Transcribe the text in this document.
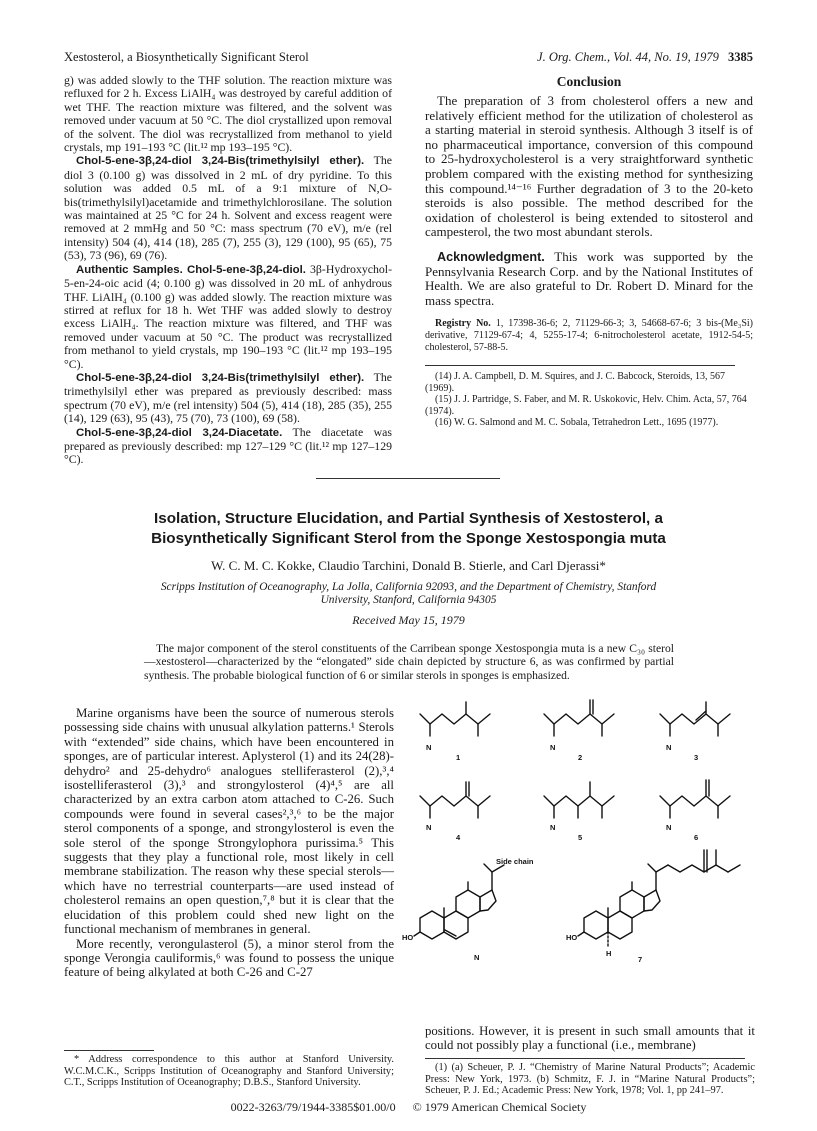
Xestosterol, a Biosynthetically Significant Sterol	J. Org. Chem., Vol. 44, No. 19, 1979 3385

g) was added slowly to the THF solution. The reaction mixture was refluxed for 2 h. Excess LiAlH₄ was destroyed by careful addition of wet THF. The reaction mixture was filtered, and the solvent was removed under vacuum at 50 °C. The diol crystallized upon removal of the solvent. The diol was recrystallized from methanol to yield crystals, mp 191–193 °C (lit.¹² mp 193–195 °C).

Chol-5-ene-3β,24-diol 3,24-Bis(trimethylsilyl ether). The diol 3 (0.100 g) was dissolved in 2 mL of dry pyridine. To this solution was added 0.5 mL of a 9:1 mixture of N,O-bis(trimethylsilyl)acetamide and trimethylchlorosilane. The solution was maintained at 25 °C for 24 h. Solvent and excess reagent were removed at 2 mmHg and 50 °C: mass spectrum (70 eV), m/e (rel intensity) 504 (4), 414 (18), 285 (7), 255 (3), 129 (100), 95 (65), 75 (53), 73 (96), 69 (76).

Authentic Samples. Chol-5-ene-3β,24-diol. 3β-Hydroxychol-5-en-24-oic acid (4; 0.100 g) was dissolved in 20 mL of anhydrous THF. LiAlH₄ (0.100 g) was added slowly. The reaction mixture was stirred at reflux for 18 h. Wet THF was added slowly to destroy excess LiAlH₄. The reaction mixture was filtered, and THF was removed under vacuum at 50 °C. The product was recrystallized from methanol to yield crystals, mp 190–193 °C (lit.¹² mp 193–195 °C).

Chol-5-ene-3β,24-diol 3,24-Bis(trimethylsilyl ether). The trimethylsilyl ether was prepared as previously described: mass spectrum (70 eV), m/e (rel intensity) 504 (5), 414 (18), 285 (35), 255 (14), 129 (63), 95 (43), 75 (70), 73 (100), 69 (58).

Chol-5-ene-3β,24-diol 3,24-Diacetate. The diacetate was prepared as previously described: mp 127–129 °C (lit.¹² mp 127–129 °C).

Conclusion

The preparation of 3 from cholesterol offers a new and relatively efficient method for the utilization of cholesterol as a starting material in steroid synthesis. Although 3 itself is of no pharmaceutical importance, conversion of this compound to 25-hydroxycholesterol is a very straightforward synthetic problem compared with the existing method for synthesizing this compound.¹⁴⁻¹⁶ Further degradation of 3 to the 20-keto steroids is also possible. The method described for the oxidation of cholesterol is being extended to sitosterol and campesterol, the two most abundant sterols.

Acknowledgment. This work was supported by the Pennsylvania Research Corp. and by the National Institutes of Health. We are also grateful to Dr. Robert D. Minard for the mass spectra.

Registry No. 1, 17398-36-6; 2, 71129-66-3; 3, 54668-67-6; 3 bis-(Me₃Si) derivative, 71129-67-4; 4, 5255-17-4; 6-nitrocholesterol acetate, 1912-54-5; cholesterol, 57-88-5.

(14) J. A. Campbell, D. M. Squires, and J. C. Babcock, Steroids, 13, 567 (1969).

(15) J. J. Partridge, S. Faber, and M. R. Uskokovic, Helv. Chim. Acta, 57, 764 (1974).

(16) W. G. Salmond and M. C. Sobala, Tetrahedron Lett., 1695 (1977).

Isolation, Structure Elucidation, and Partial Synthesis of Xestosterol, a
Biosynthetically Significant Sterol from the Sponge Xestospongia muta
W. C. M. C. Kokke, Claudio Tarchini, Donald B. Stierle, and Carl Djerassi*
Scripps Institution of Oceanography, La Jolla, California 92093, and the Department of Chemistry, Stanford
University, Stanford, California 94305
Received May 15, 1979
The major component of the sterol constituents of the Carribean sponge Xestospongia muta is a new C₃₀ sterol—xestosterol—characterized by the “elongated” side chain depicted by structure 6, as was confirmed by partial synthesis. The probable biological function of 6 or similar sterols in sponges is emphasized.

Marine organisms have been the source of numerous sterols possessing side chains with unusual alkylation patterns.¹ Sterols with “extended” side chains, which have been encountered in sponges, are of particular interest. Aplysterol (1) and its 24(28)-dehydro² and 25-dehydro⁶ analogues stelliferasterol (2),³,⁴ isostelliferasterol (3),³ and strongylosterol (4)⁴,⁵ are all characterized by an extra carbon atom attached to C-26. Such compounds were found in several cases²,³,⁶ to be the major sterol components of a sponge, and strongylosterol is even the sole sterol of the sponge Strongylophora purissima.⁵ This suggests that they play a functional role, most likely in cell membrane stabilization. The reason why these special sterols—which have no terrestrial counterparts—are used instead of cholesterol remains an open question,⁷,⁸ but it is clear that the elucidation of this problem could shed new light on the functional mechanism of membranes in general.

More recently, verongulasterol (5), a minor sterol from the sponge Verongia cauliformis,⁶ was found to possess the unique feature of being alkylated at both C-26 and C-27

* Address correspondence to this author at Stanford University. W.C.M.C.K., Scripps Institution of Oceanography and Stanford University; C.T., Scripps Institution of Oceanography; D.B.S., Stanford University.
N
1
N
2
N
3
N
4
N
5
N
6
Side chain
HO	HO
N	H
7
positions. However, it is present in such small amounts that it could not possibly play a functional (i.e., membrane)
(1) (a) Scheuer, P. J. “Chemistry of Marine Natural Products”; Academic Press: New York, 1973. (b) Schmitz, F. J. in “Marine Natural Products”; Scheuer, P. J. Ed.; Academic Press: New York, 1978; Vol. 1, pp 241–97.
0022-3263/79/1944-3385$01.00/0 © 1979 American Chemical Society
